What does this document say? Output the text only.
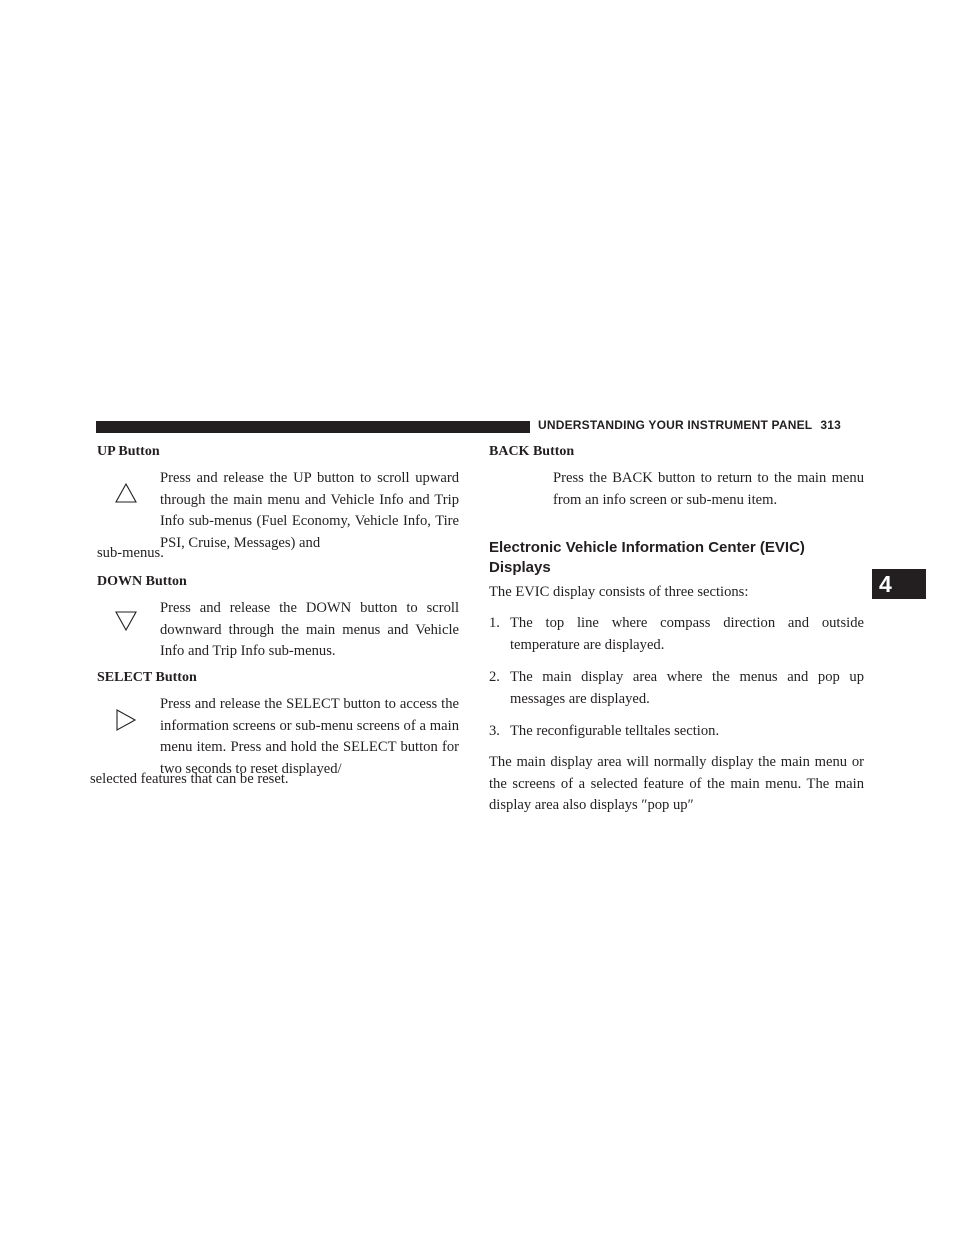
UNDERSTANDING YOUR INSTRUMENT PANEL 313
4
UP Button
Press and release the UP button to scroll upward through the main menu and Vehicle Info and Trip Info sub-menus (Fuel Economy, Vehicle Info, Tire PSI, Cruise, Messages) and
sub-menus.
DOWN Button
Press and release the DOWN button to scroll downward through the main menus and Vehicle Info and Trip Info sub-menus.
SELECT Button
Press and release the SELECT button to access the information screens or sub-menu screens of a main menu item. Press and hold the SELECT button for two seconds to reset displayed/
selected features that can be reset.
BACK Button
Press the BACK button to return to the main menu from an info screen or sub-menu item.
Electronic Vehicle Information Center (EVIC) Displays
The EVIC display consists of three sections:
1. The top line where compass direction and outside temperature are displayed.
2. The main display area where the menus and pop up messages are displayed.
3. The reconfigurable telltales section.
The main display area will normally display the main menu or the screens of a selected feature of the main menu. The main display area also displays ″pop up″
